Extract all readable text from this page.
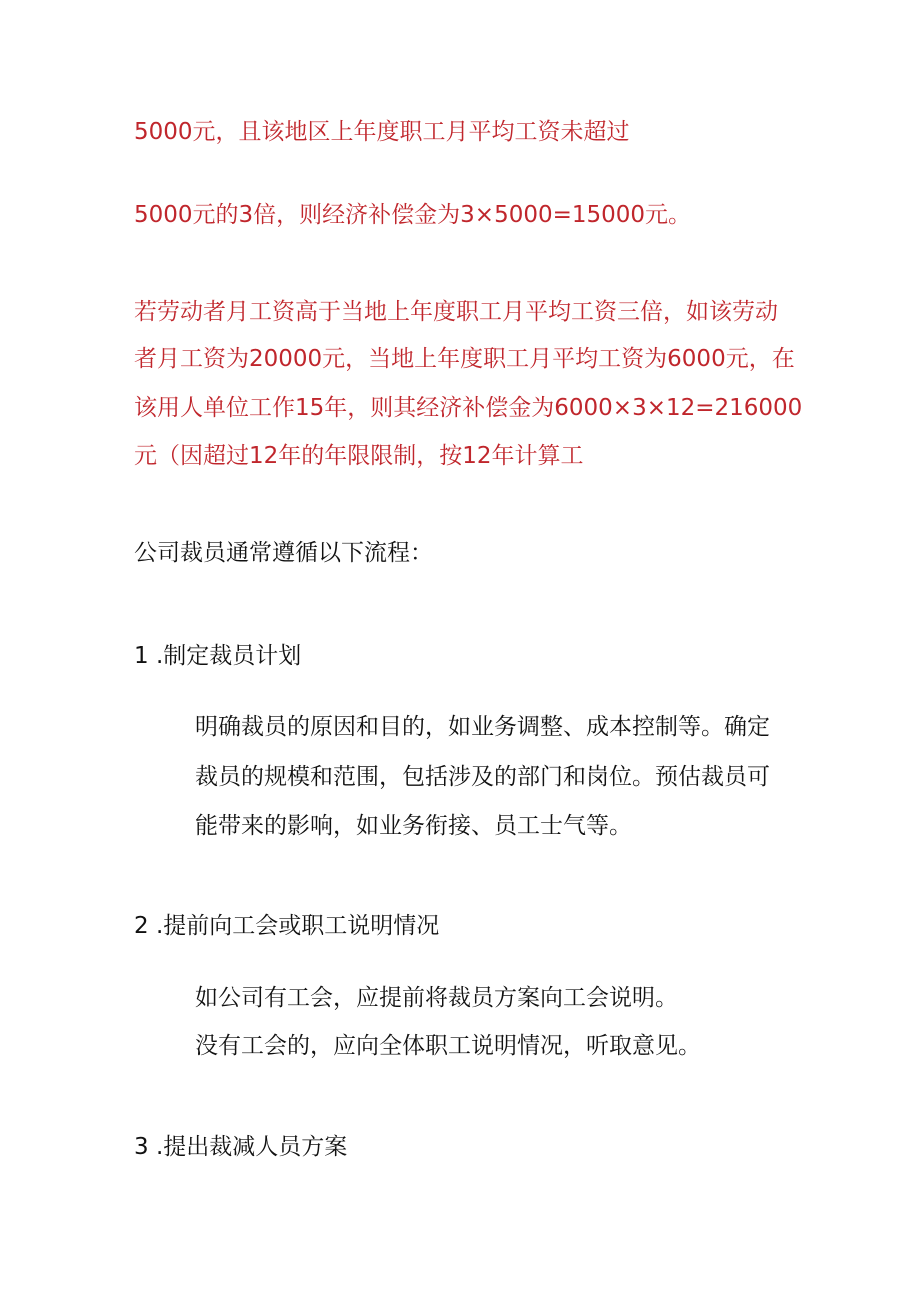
5000元，且该地区上年度职工月平均工资未超过
5000元的3倍，则经济补偿金为3×5000=15000元。
若劳动者月工资高于当地上年度职工月平均工资三倍，如该劳动
者月工资为20000元，当地上年度职工月平均工资为6000元，在
该用人单位工作15年，则其经济补偿金为6000×3×12=216000
元（因超过12年的年限限制，按12年计算工
公司裁员通常遵循以下流程：
1 .制定裁员计划
明确裁员的原因和目的，如业务调整、成本控制等。确定
裁员的规模和范围，包括涉及的部门和岗位。预估裁员可
能带来的影响，如业务衔接、员工士气等。
2 .提前向工会或职工说明情况
如公司有工会，应提前将裁员方案向工会说明。
没有工会的，应向全体职工说明情况，听取意见。
3 .提出裁减人员方案
